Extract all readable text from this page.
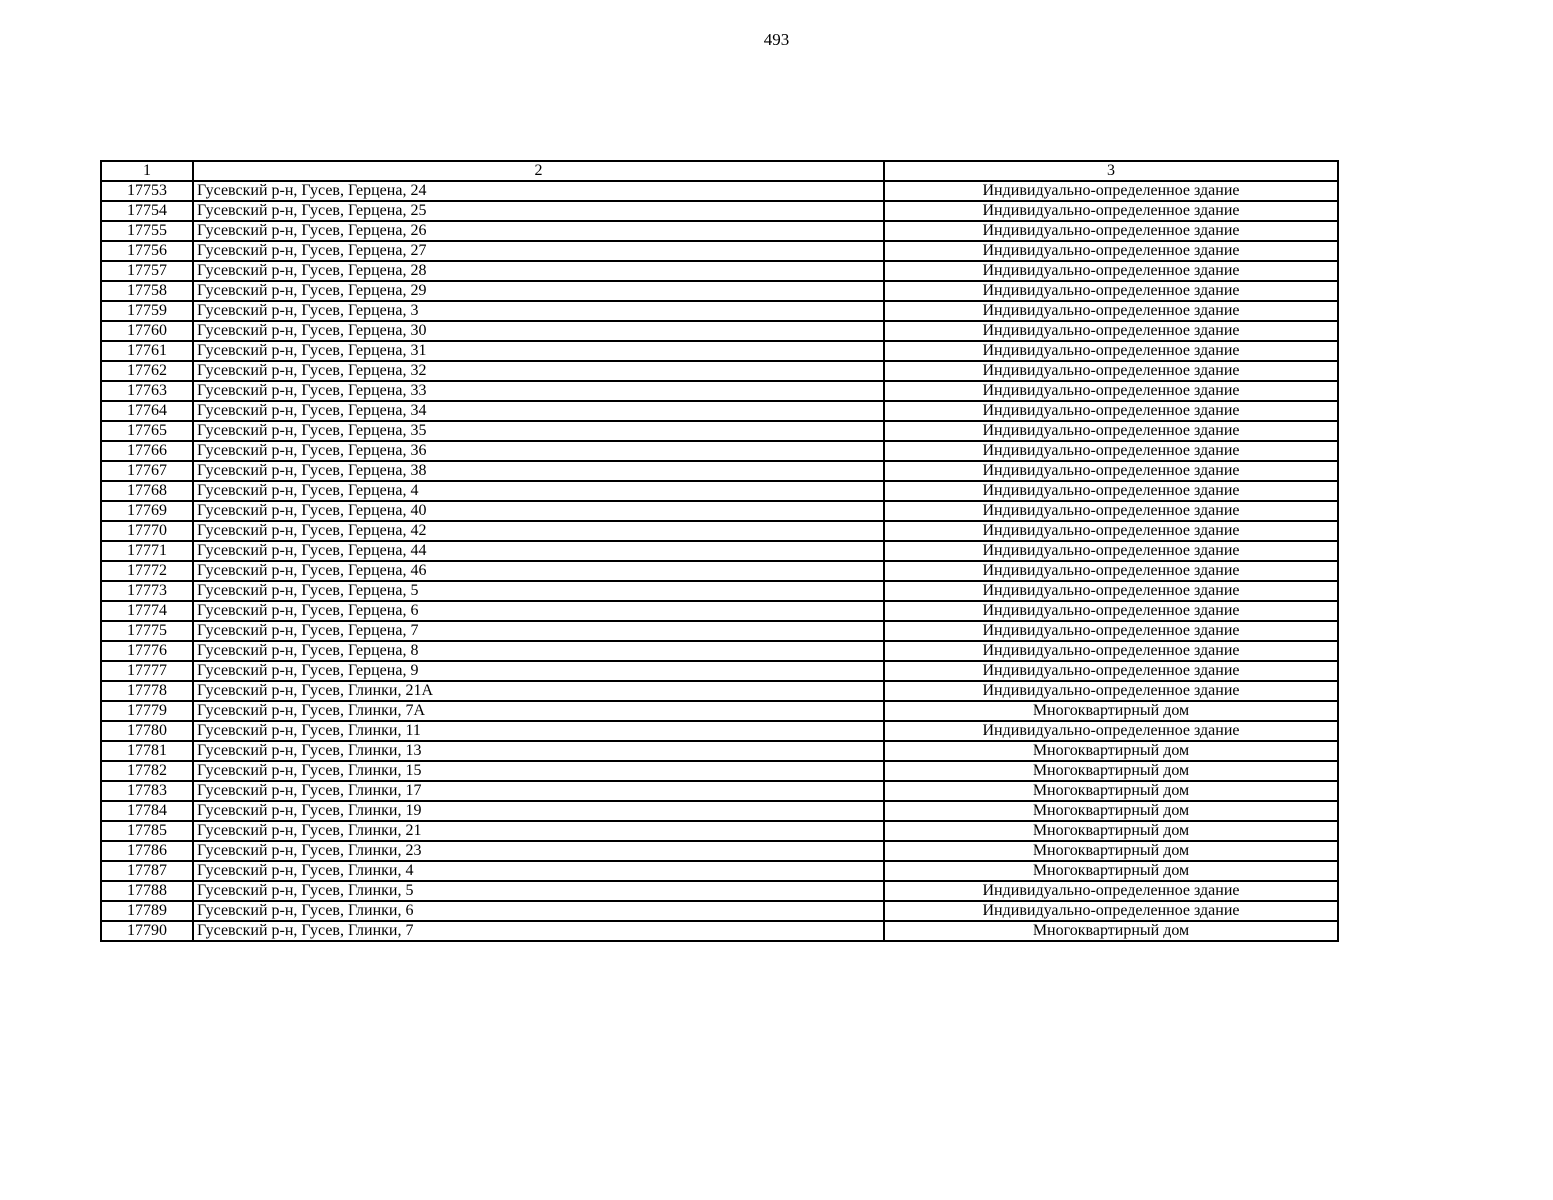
493
1	2	3
17753	Гусевский р-н, Гусев, Герцена, 24	Индивидуально-определенное здание
17754	Гусевский р-н, Гусев, Герцена, 25	Индивидуально-определенное здание
17755	Гусевский р-н, Гусев, Герцена, 26	Индивидуально-определенное здание
17756	Гусевский р-н, Гусев, Герцена, 27	Индивидуально-определенное здание
17757	Гусевский р-н, Гусев, Герцена, 28	Индивидуально-определенное здание
17758	Гусевский р-н, Гусев, Герцена, 29	Индивидуально-определенное здание
17759	Гусевский р-н, Гусев, Герцена, 3	Индивидуально-определенное здание
17760	Гусевский р-н, Гусев, Герцена, 30	Индивидуально-определенное здание
17761	Гусевский р-н, Гусев, Герцена, 31	Индивидуально-определенное здание
17762	Гусевский р-н, Гусев, Герцена, 32	Индивидуально-определенное здание
17763	Гусевский р-н, Гусев, Герцена, 33	Индивидуально-определенное здание
17764	Гусевский р-н, Гусев, Герцена, 34	Индивидуально-определенное здание
17765	Гусевский р-н, Гусев, Герцена, 35	Индивидуально-определенное здание
17766	Гусевский р-н, Гусев, Герцена, 36	Индивидуально-определенное здание
17767	Гусевский р-н, Гусев, Герцена, 38	Индивидуально-определенное здание
17768	Гусевский р-н, Гусев, Герцена, 4	Индивидуально-определенное здание
17769	Гусевский р-н, Гусев, Герцена, 40	Индивидуально-определенное здание
17770	Гусевский р-н, Гусев, Герцена, 42	Индивидуально-определенное здание
17771	Гусевский р-н, Гусев, Герцена, 44	Индивидуально-определенное здание
17772	Гусевский р-н, Гусев, Герцена, 46	Индивидуально-определенное здание
17773	Гусевский р-н, Гусев, Герцена, 5	Индивидуально-определенное здание
17774	Гусевский р-н, Гусев, Герцена, 6	Индивидуально-определенное здание
17775	Гусевский р-н, Гусев, Герцена, 7	Индивидуально-определенное здание
17776	Гусевский р-н, Гусев, Герцена, 8	Индивидуально-определенное здание
17777	Гусевский р-н, Гусев, Герцена, 9	Индивидуально-определенное здание
17778	Гусевский р-н, Гусев, Глинки, 21А	Индивидуально-определенное здание
17779	Гусевский р-н, Гусев, Глинки, 7А	Многоквартирный дом
17780	Гусевский р-н, Гусев, Глинки, 11	Индивидуально-определенное здание
17781	Гусевский р-н, Гусев, Глинки, 13	Многоквартирный дом
17782	Гусевский р-н, Гусев, Глинки, 15	Многоквартирный дом
17783	Гусевский р-н, Гусев, Глинки, 17	Многоквартирный дом
17784	Гусевский р-н, Гусев, Глинки, 19	Многоквартирный дом
17785	Гусевский р-н, Гусев, Глинки, 21	Многоквартирный дом
17786	Гусевский р-н, Гусев, Глинки, 23	Многоквартирный дом
17787	Гусевский р-н, Гусев, Глинки, 4	Многоквартирный дом
17788	Гусевский р-н, Гусев, Глинки, 5	Индивидуально-определенное здание
17789	Гусевский р-н, Гусев, Глинки, 6	Индивидуально-определенное здание
17790	Гусевский р-н, Гусев, Глинки, 7	Многоквартирный дом
